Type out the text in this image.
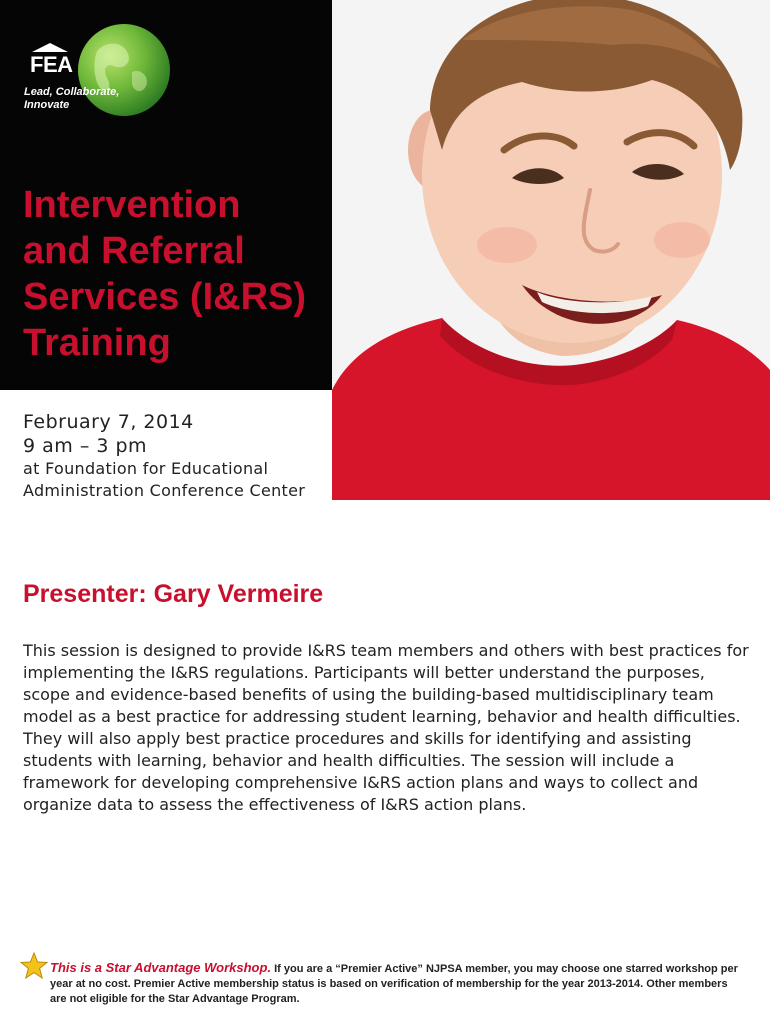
FEA
Lead, Collaborate,
Innovate
Intervention
and Referral
Services (I&RS)
Training

February 7, 2014

9 am – 3 pm

at Foundation for Educational

Administration Conference Center

Presenter: Gary Vermeire

This session is designed to provide I&RS team members and others with best practices for implementing the I&RS regulations. Participants will better understand the purposes, scope and evidence-based benefits of using the building-based multidisciplinary team model as a best practice for addressing student learning, behavior and health difficulties. They will also apply best practice procedures and skills for identifying and assisting students with learning, behavior and health difficulties. The session will include a framework for developing comprehensive I&RS action plans and ways to collect and organize data to assess the effectiveness of I&RS action plans.

This is a Star Advantage Workshop. If you are a “Premier Active” NJPSA member, you may choose one starred workshop per year at no cost. Premier Active membership status is based on verification of membership for the year 2013-2014. Other members are not eligible for the Star Advantage Program.
